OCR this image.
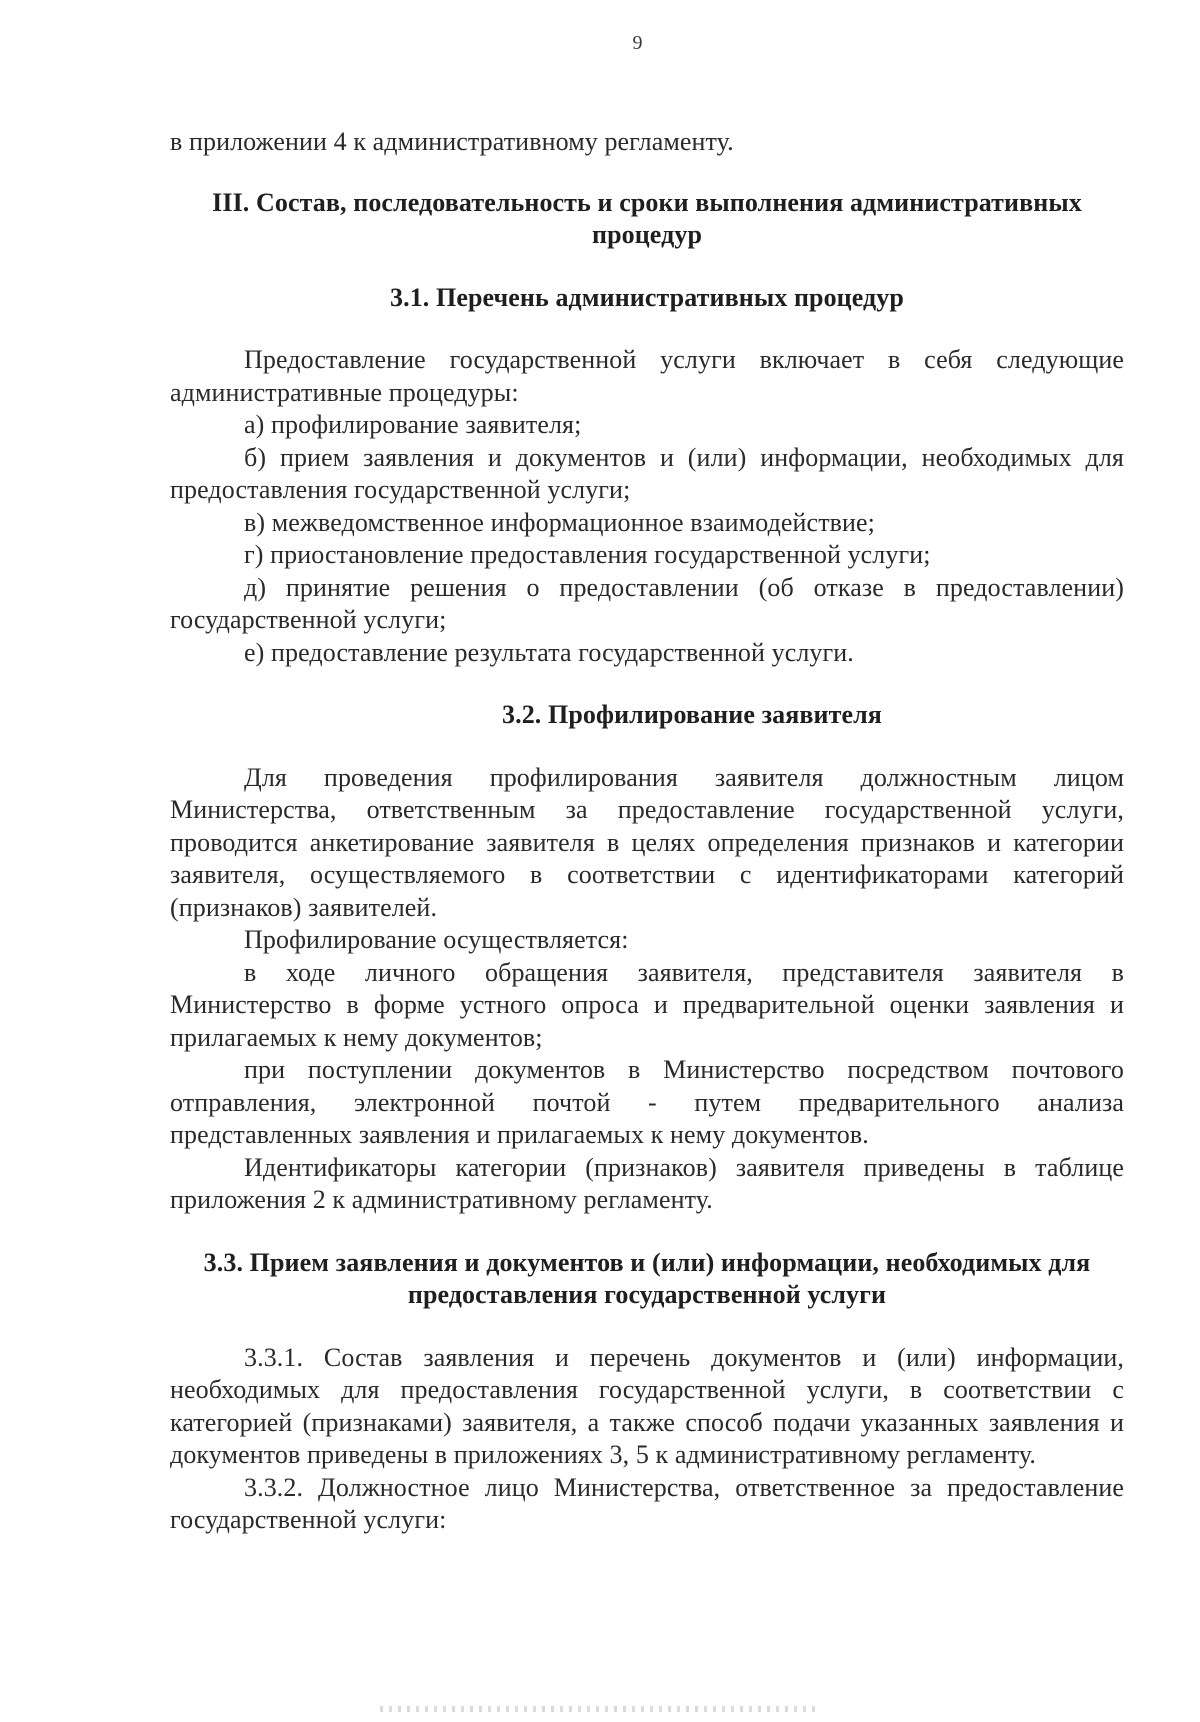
9

в приложении 4 к административному регламенту.

III. Состав, последовательность и сроки выполнения административных процедур

3.1. Перечень административных процедур

Предоставление государственной услуги включает в себя следующие административные процедуры:

а) профилирование заявителя;

б) прием заявления и документов и (или) информации, необходимых для предоставления государственной услуги;

в) межведомственное информационное взаимодействие;

г) приостановление предоставления государственной услуги;

д) принятие решения о предоставлении (об отказе в предоставлении) государственной услуги;

е) предоставление результата государственной услуги.

3.2. Профилирование заявителя

Для проведения профилирования заявителя должностным лицом Министерства, ответственным за предоставление государственной услуги, проводится анкетирование заявителя в целях определения признаков и категории заявителя, осуществляемого в соответствии с идентификаторами категорий (признаков) заявителей.

Профилирование осуществляется:

в ходе личного обращения заявителя, представителя заявителя в Министерство в форме устного опроса и предварительной оценки заявления и прилагаемых к нему документов;

при поступлении документов в Министерство посредством почтового отправления, электронной почтой - путем предварительного анализа представленных заявления и прилагаемых к нему документов.

Идентификаторы категории (признаков) заявителя приведены в таблице приложения 2 к административному регламенту.

3.3. Прием заявления и документов и (или) информации, необходимых для предоставления государственной услуги

3.3.1. Состав заявления и перечень документов и (или) информации, необходимых для предоставления государственной услуги, в соответствии с категорией (признаками) заявителя, а также способ подачи указанных заявления и документов приведены в приложениях 3, 5 к административному регламенту.

3.3.2. Должностное лицо Министерства, ответственное за предоставление государственной услуги:
